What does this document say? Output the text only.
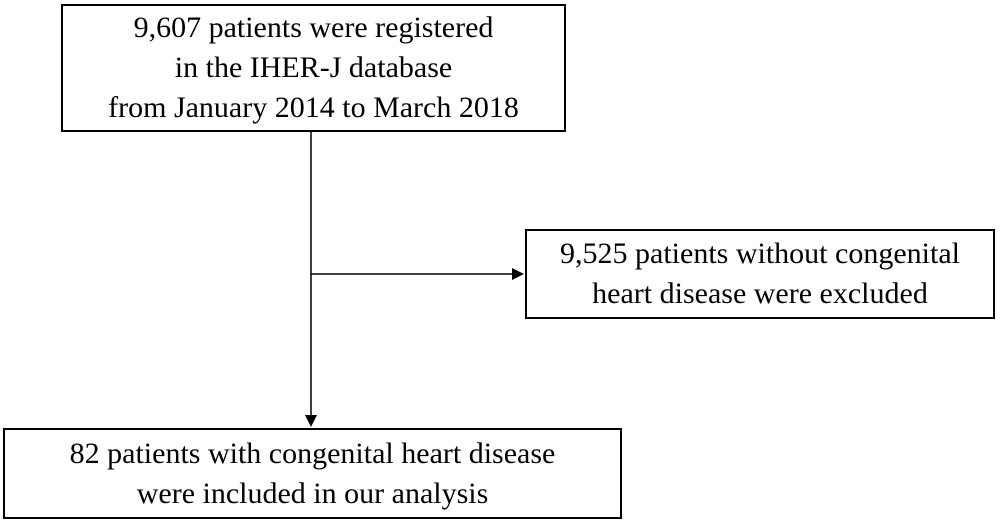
9,607 patients were registered
in the IHER-J database
from January 2014 to March 2018
9,525 patients without congenital
heart disease were excluded
82 patients with congenital heart disease
were included in our analysis
